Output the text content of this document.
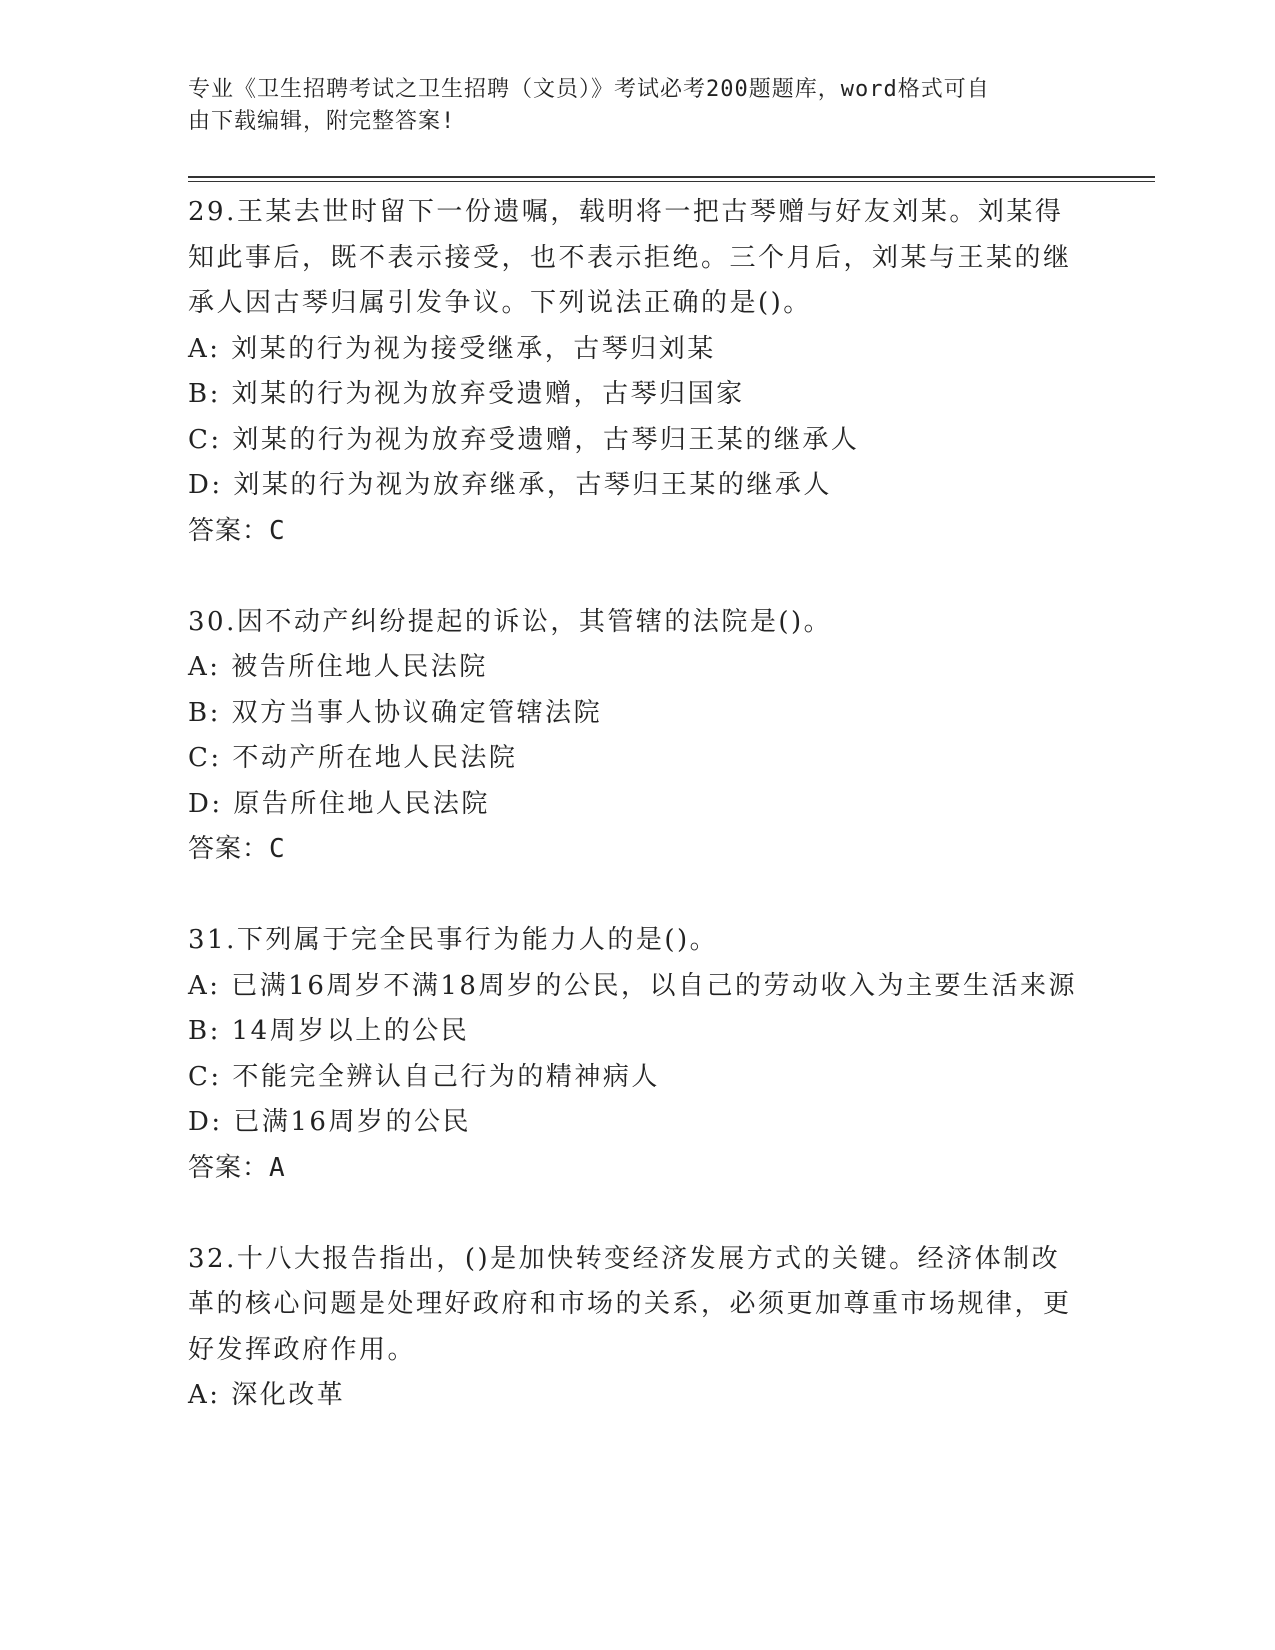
专业《卫生招聘考试之卫生招聘（文员）》考试必考200题题库，word格式可自
由下载编辑，附完整答案!

29.王某去世时留下一份遗嘱，载明将一把古琴赠与好友刘某。刘某得知此事后，既不表示接受，也不表示拒绝。三个月后，刘某与王某的继承人因古琴归属引发争议。下列说法正确的是()。

A: 刘某的行为视为接受继承，古琴归刘某

B: 刘某的行为视为放弃受遗赠，古琴归国家

C: 刘某的行为视为放弃受遗赠，古琴归王某的继承人

D: 刘某的行为视为放弃继承，古琴归王某的继承人

答案：C

30.因不动产纠纷提起的诉讼，其管辖的法院是()。

A: 被告所住地人民法院

B: 双方当事人协议确定管辖法院

C: 不动产所在地人民法院

D: 原告所住地人民法院

答案：C

31.下列属于完全民事行为能力人的是()。

A: 已满16周岁不满18周岁的公民，以自己的劳动收入为主要生活来源

B: 14周岁以上的公民

C: 不能完全辨认自己行为的精神病人

D: 已满16周岁的公民

答案：A

32.十八大报告指出，()是加快转变经济发展方式的关键。经济体制改革的核心问题是处理好政府和市场的关系，必须更加尊重市场规律，更好发挥政府作用。

A: 深化改革
